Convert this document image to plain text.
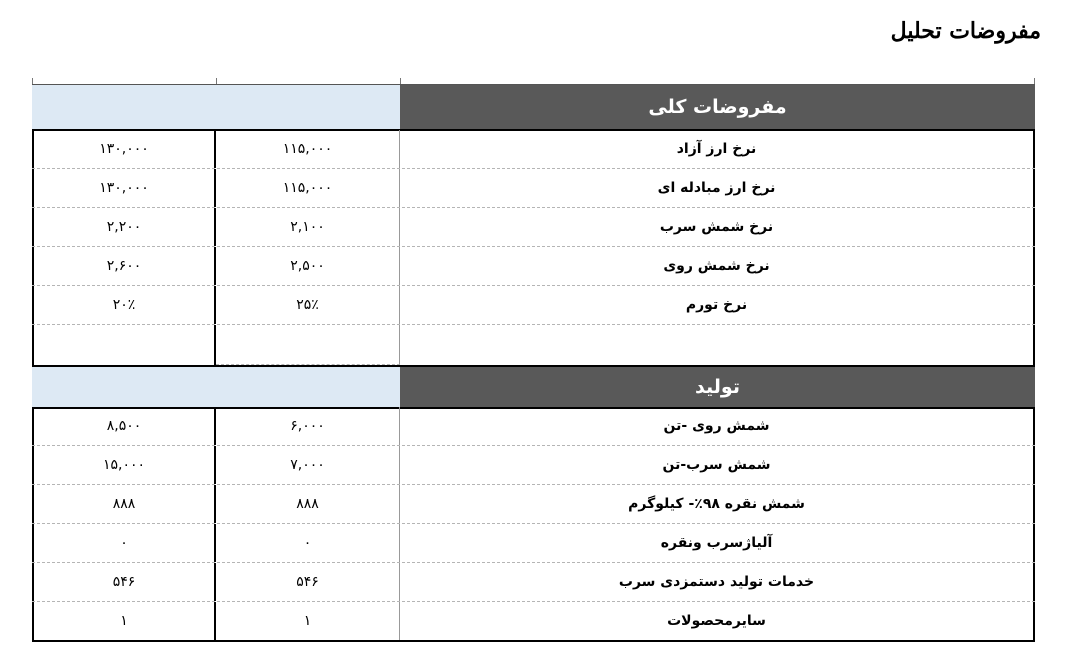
مفروضات تحلیل
مفروضات کلی
۱۳۰,۰۰۰	۱۱۵,۰۰۰	نرخ ارز آزاد
۱۳۰,۰۰۰	۱۱۵,۰۰۰	نرخ ارز مبادله ای
۲,۲۰۰	۲,۱۰۰	نرخ شمش سرب
۲,۶۰۰	۲,۵۰۰	نرخ شمش روی
۲۰٪	۲۵٪	نرخ تورم
تولید
۸,۵۰۰	۶,۰۰۰	شمش روی -تن
۱۵,۰۰۰	۷,۰۰۰	شمش سرب-تن
۸۸۸	۸۸۸	شمش نقره ۹۸٪- کیلوگرم
۰	۰	آلیاژسرب ونقره
۵۴۶	۵۴۶	خدمات تولید دستمزدی سرب
۱	۱	سایرمحصولات
